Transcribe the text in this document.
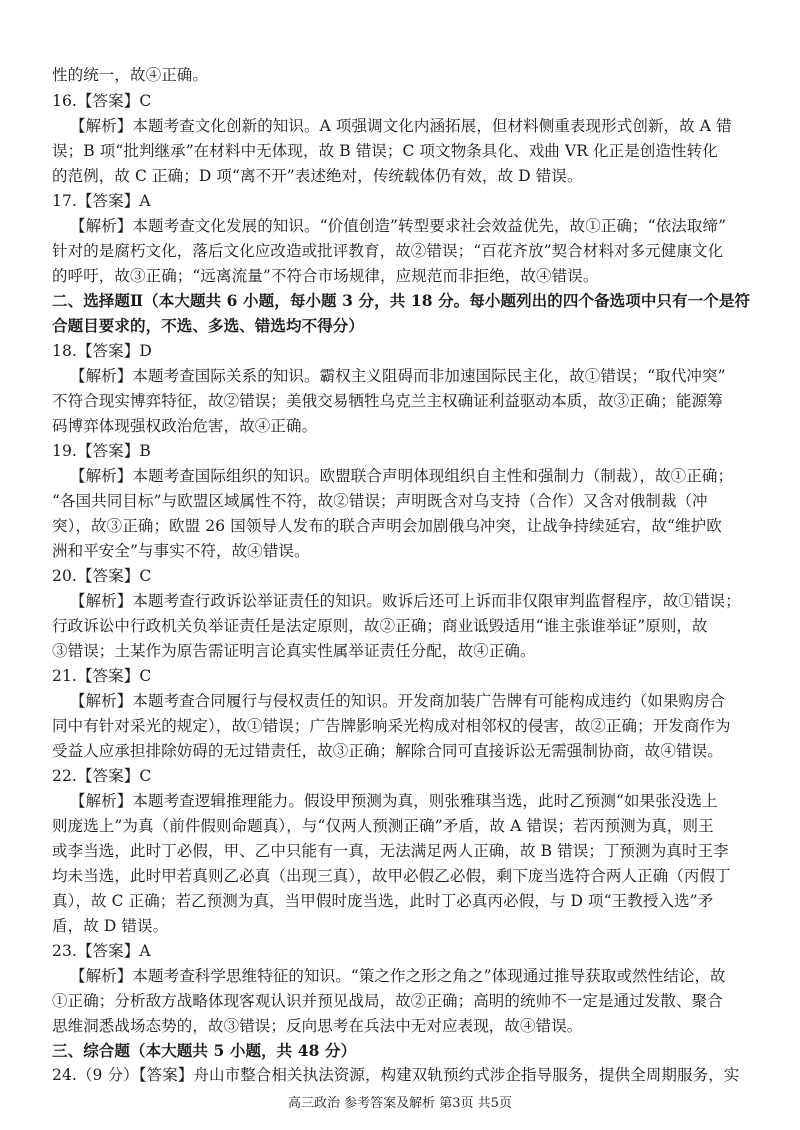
性的统一，故④正确。
16.【答案】C
【解析】本题考查文化创新的知识。A 项强调文化内涵拓展，但材料侧重表现形式创新，故 A 错
误；B 项“批判继承”在材料中无体现，故 B 错误；C 项文物条具化、戏曲 VR 化正是创造性转化
的范例，故 C 正确；D 项“离不开”表述绝对，传统载体仍有效，故 D 错误。
17.【答案】A
【解析】本题考查文化发展的知识。“价值创造”转型要求社会效益优先，故①正确；“依法取缔”
针对的是腐朽文化，落后文化应改造或批评教育，故②错误；“百花齐放”契合材料对多元健康文化
的呼吁，故③正确；“远离流量”不符合市场规律，应规范而非拒绝，故④错误。
二、选择题Ⅱ（本大题共 6 小题，每小题 3 分，共 18 分。每小题列出的四个备选项中只有一个是符
合题目要求的，不选、多选、错选均不得分）
18.【答案】D
【解析】本题考查国际关系的知识。霸权主义阻碍而非加速国际民主化，故①错误；“取代冲突”
不符合现实博弈特征，故②错误；美俄交易牺牲乌克兰主权确证利益驱动本质，故③正确；能源筹
码博弈体现强权政治危害，故④正确。
19.【答案】B
【解析】本题考查国际组织的知识。欧盟联合声明体现组织自主性和强制力（制裁），故①正确；
“各国共同目标”与欧盟区域属性不符，故②错误；声明既含对乌支持（合作）又含对俄制裁（冲
突），故③正确；欧盟 26 国领导人发布的联合声明会加剧俄乌冲突，让战争持续延宕，故“维护欧
洲和平安全”与事实不符，故④错误。
20.【答案】C
【解析】本题考查行政诉讼举证责任的知识。败诉后还可上诉而非仅限审判监督程序，故①错误；
行政诉讼中行政机关负举证责任是法定原则，故②正确；商业诋毁适用“谁主张谁举证”原则，故
③错误；土某作为原告需证明言论真实性属举证责任分配，故④正确。
21.【答案】C
【解析】本题考查合同履行与侵权责任的知识。开发商加装广告牌有可能构成违约（如果购房合
同中有针对采光的规定），故①错误；广告牌影响采光构成对相邻权的侵害，故②正确；开发商作为
受益人应承担排除妨碍的无过错责任，故③正确；解除合同可直接诉讼无需强制协商，故④错误。
22.【答案】C
【解析】本题考查逻辑推理能力。假设甲预测为真，则张雅琪当选，此时乙预测“如果张没选上
则庞选上”为真（前件假则命题真），与“仅两人预测正确”矛盾，故 A 错误；若丙预测为真，则王
或李当选，此时丁必假，甲、乙中只能有一真，无法满足两人正确，故 B 错误；丁预测为真时王李
均未当选，此时甲若真则乙必真（出现三真），故甲必假乙必假，剩下庞当选符合两人正确（丙假丁
真），故 C 正确；若乙预测为真，当甲假时庞当选，此时丁必真丙必假，与 D 项“王教授入选”矛
盾，故 D 错误。
23.【答案】A
【解析】本题考查科学思维特征的知识。“策之作之形之角之”体现通过推导获取或然性结论，故
①正确；分析敌方战略体现客观认识并预见战局，故②正确；高明的统帅不一定是通过发散、聚合
思维洞悉战场态势的，故③错误；反向思考在兵法中无对应表现，故④错误。
三、综合题（本大题共 5 小题，共 48 分）
24.（9 分）【答案】舟山市整合相关执法资源，构建双轨预约式涉企指导服务，提供全周期服务，实
高三政治 参考答案及解析 第3页 共5页
